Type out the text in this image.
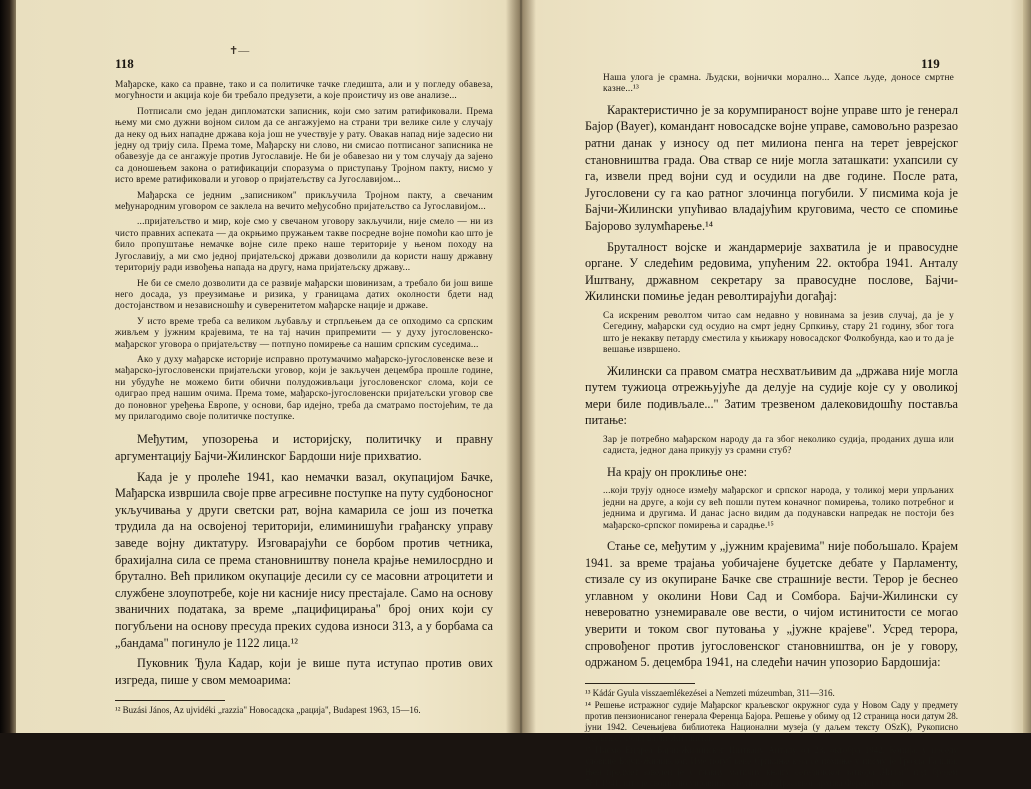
118
✝—

Мађарске, како са правне, тако и са политичке тачке гледишта, али и у погледу обавеза, могућности и акција које би требало предузети, а које проистичу из ове анализе...

Потписали смо један дипломатски записник, који смо затим ратификовали. Према њему ми смо дужни војном силом да се ангажујемо на страни три велике силе у случају да неку од њих нападне држава која још не учествује у рату. Овакав напад није задесио ни једну од трију сила. Према томе, Мађарску ни слово, ни смисао потписаног записника не обавезује да се ангажује против Југославије. Не би је обавезао ни у том случају да зајено са доношењем закона о ратификацији споразума о приступању Тројном пакту, нисмо у исто време ратификовали и уговор о пријатељству са Југославијом...

Мађарска се једним „записником" прикључила Тројном пакту, а свечаним међународним уговором се заклела на вечито међусобно пријатељство са Југославијом...

...пријатељство и мир, које смо у свечаном уговору закључили, није смело — ни из чисто правних аспеката — да окрњимо пружањем такве посредне војне помоћи као што је било пропуштање немачке војне силе преко наше територије у њеном походу на Југославију, а ми смо једној пријатељској држави дозволили да користи нашу државну територију ради извођења напада на другу, нама пријатељску државу...

Не би се смело дозволити да се развије мађарски шовинизам, а требало би још више него досада, уз преузимање и ризика, у границама датих околности бдети над достојанством и независношћу и суверенитетом мађарске нације и државе.

У исто време треба са великом љубављу и стрпљењем да се опходимо са српским живљем у јужним крајевима, те на тај начин припремити — у духу југословенско-мађарског уговора о пријатељству — потпуно помирење са нашим српским суседима...

Ако у духу мађарске историје исправно протумачимо мађарско-југословенске везе и мађарско-југословенски пријатељски уговор, који је закључен децембра прошле године, ни убудуће не можемо бити обични полудоживљаци југословенског слома, који се одиграо пред нашим очима. Према томе, мађарско-југословенски пријатељски уговор све до поновног уређења Европе, у основи, бар идејно, треба да сматрамо постојећим, те да му прилагодимо своје политичке поступке.

Међутим, упозорења и историјску, политичку и правну аргументацију Бајчи-Жилинског Бардоши није прихватио.

Када је у пролеће 1941, као немачки вазал, окупацијом Бачке, Мађарска извршила своје прве агресивне поступке на путу судбоносног укључивања у други светски рат, војна камарила се још из почетка трудила да на освојеној територији, елиминишући грађанску управу заведе војну диктатуру. Изговарајући се борбом против четника, брахијална сила се према становништву понела крајње немилосрдно и брутално. Већ приликом окупације десили су се масовни атроцитети и службене злоупотребе, које ни касније нису престајале. Само на основу званичних података, за време „пацифицирања" број оних који су погубљени на основу пресуда преких судова износи 313, а у борбама са „бандама" погинуло је 1122 лица.¹²

Пуковник Ђула Кадар, који је више пута иступао против ових изгреда, пише у свом мемоарима:

¹² Buzási János, Az ujvidéki „razzia" Новосадска „рација", Budapest 1963, 15—16.

119

Наша улога је срамна. Људски, војнички морално... Хапсе људе, доносе смртне казне...¹³

Карактеристично је за корумпираност војне управе што је генерал Бајор (Bayer), командант новосадске војне управе, самовољно разрезао ратни данак у износу од пет милиона пенга на терет јеврејског становништва града. Ова ствар се није могла заташкати: ухапсили су га, извели пред војни суд и осудили на две године. После рата, Југословени су га као ратног злочинца погубили. У писмима која је Бајчи-Жилински упућивао владајућим круговима, често се спомиње Бајорово зулумћарење.¹⁴

Бруталност војске и жандармерије захватила је и правосудне органе. У следећим редовима, упућеним 22. октобра 1941. Анталу Иштвану, државном секретару за правосудне послове, Бајчи-Жилински помиње један револтирајући догађај:

Са искреним револтом читао сам недавно у новинама за језив случај, да је у Сегедину, мађарски суд осудио на смрт једну Српкињу, стару 21 годину, због тога што је некакву петарду сместила у књижару новосадског Фолкобунда, као и то да је вешање извршено.

Жилински са правом сматра несхватљивим да „држава није могла путем тужиоца отрежњујуће да делује на судије које су у оволикој мери биле подивљале..." Затим трезвеном далековидошћу поставља питање:

Зар је потребно мађарском народу да га због неколико судија, проданих душа или садиста, једног дана прикују уз срамни стуб?

На крају он проклиње оне:

...који трују односе између мађарског и српског народа, у толикој мери упрљаних једни на друге, а који су већ пошли путем коначног помирења, толико потребног и једнима и другима. И данас јасно видим да подунавски напредак не постоји без мађарско-српског помирења и сарадње.¹⁵

Стање се, међутим у „јужним крајевима" није побољшало. Крајем 1941. за време трајања уобичајене буџетске дебате у Парламенту, стизале су из окупиране Бачке све страшније вести. Терор је беснео углавном у околини Нови Сад и Сомбора. Бајчи-Жилински су невероватно узнемиравале ове вести, о чијом истинитости се могао уверити и током свог путовања у „јужне крајеве". Усред терора, спровођеног против југословенског становништва, он је у говору, одржаном 5. децембра 1941, на следећи начин упозорио Бардошија:

¹³ Kádár Gyula visszaemlékezései a Nemzeti múzeumban, 311—316.

¹⁴ Решење истражног судије Мађарског краљевског окружног суда у Новом Саду у предмету против пензионисаног генерала Ференца Бајора. Решење у обиму од 12 страница носи датум 28. јуни 1942. Сечењијева библиотека Национални музеја (у даљем тексту OSzK), Рукописно одељење, Фонд Бајчи-Жилински.

¹⁵ Писмо Ендреа Бајчи-Жилинског Иштвану Анталу од 23. октобра 1942. Копија, у поседу удовице Бајчи-Жилинског. Име погубљене Српкиње која се помиње у писму је Гроздa Гајшин. Њен предмет заведен је у главну матичну књигу сегединског затвора „Чилаг" под бројем 781/1941, што је свошптио управник сегединског Државног архива Ференц Олтван.
